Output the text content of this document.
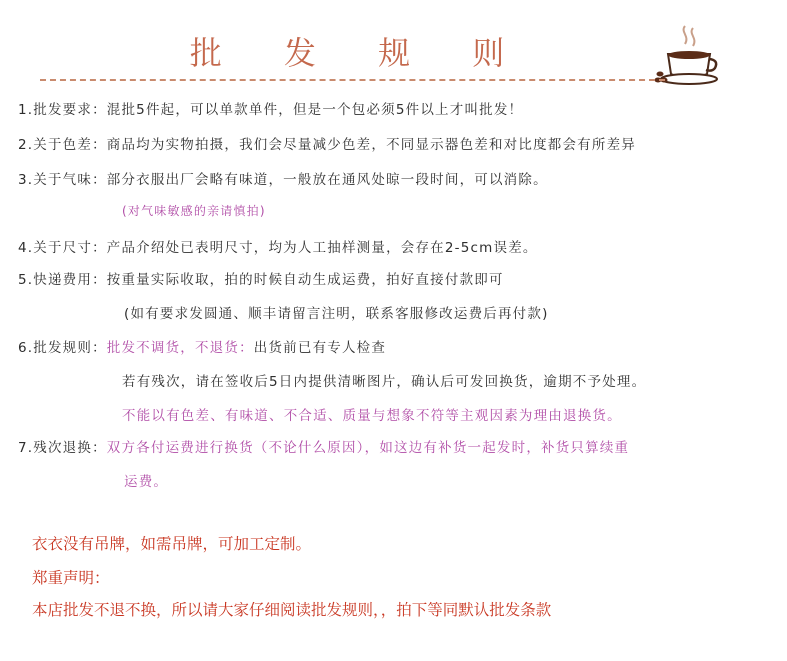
批 发 规 则
1.批发要求：混批5件起，可以单款单件，但是一个包必须5件以上才叫批发！
2.关于色差：商品均为实物拍摄，我们会尽量减少色差，不同显示器色差和对比度都会有所差异
3.关于气味：部分衣服出厂会略有味道，一般放在通风处晾一段时间，可以消除。
(对气味敏感的亲请慎拍)
4.关于尺寸：产品介绍处已表明尺寸，均为人工抽样测量，会存在2-5cm误差。
5.快递费用：按重量实际收取，拍的时候自动生成运费，拍好直接付款即可
(如有要求发圆通、顺丰请留言注明，联系客服修改运费后再付款)
6.批发规则：批发不调货，不退货：出货前已有专人检查
若有残次，请在签收后5日内提供清晰图片，确认后可发回换货，逾期不予处理。
不能以有色差、有味道、不合适、质量与想象不符等主观因素为理由退换货。
7.残次退换：双方各付运费进行换货（不论什么原因），如这边有补货一起发时，补货只算续重
运费。
衣衣没有吊牌，如需吊牌，可加工定制。
郑重声明：
本店批发不退不换，所以请大家仔细阅读批发规则，，拍下等同默认批发条款
